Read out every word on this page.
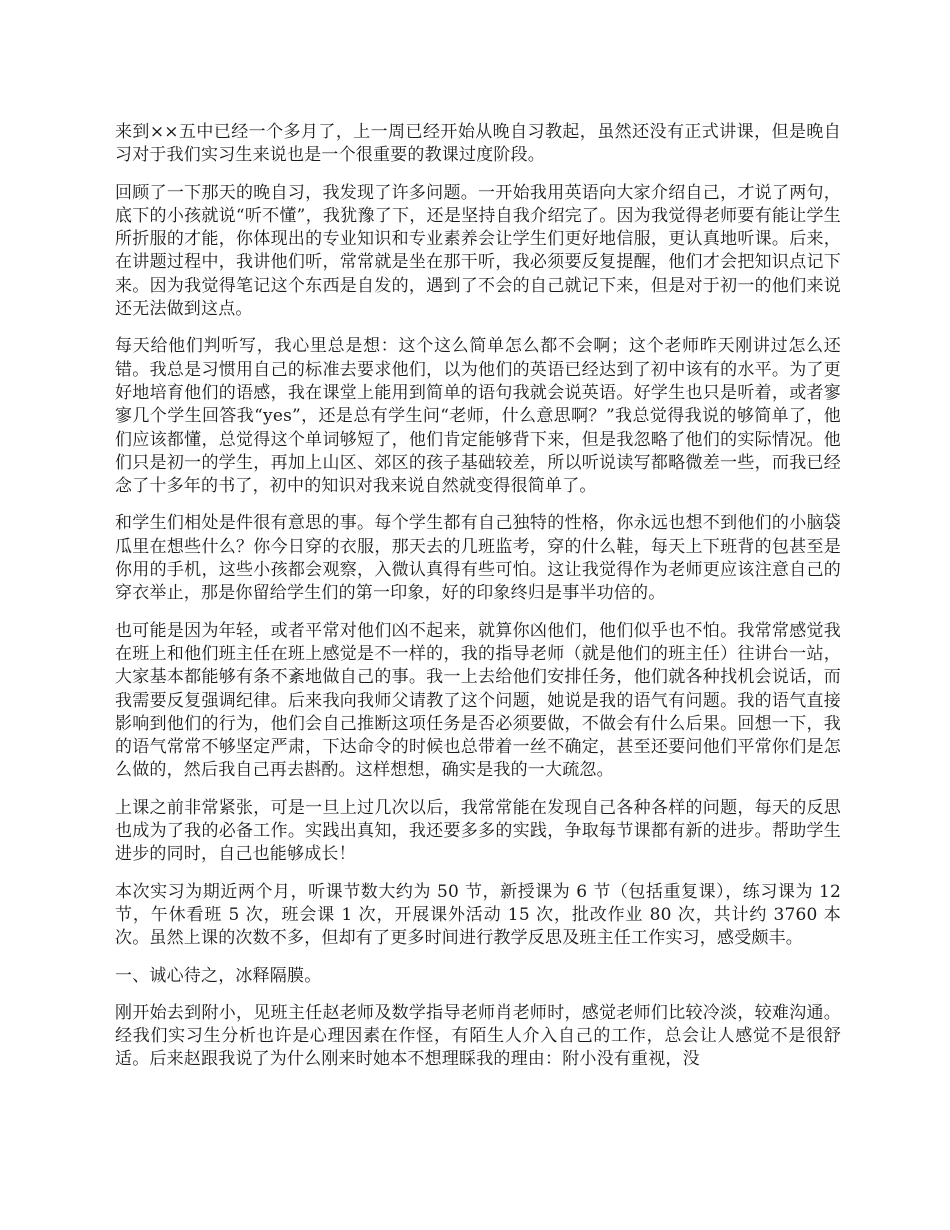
来到××五中已经一个多月了，上一周已经开始从晚自习教起，虽然还没有正式讲课，但是晚自习对于我们实习生来说也是一个很重要的教课过度阶段。

回顾了一下那天的晚自习，我发现了许多问题。一开始我用英语向大家介绍自己，才说了两句，底下的小孩就说“听不懂”，我犹豫了下，还是坚持自我介绍完了。因为我觉得老师要有能让学生所折服的才能，你体现出的专业知识和专业素养会让学生们更好地信服，更认真地听课。后来，在讲题过程中，我讲他们听，常常就是坐在那干听，我必须要反复提醒，他们才会把知识点记下来。因为我觉得笔记这个东西是自发的，遇到了不会的自己就记下来，但是对于初一的他们来说还无法做到这点。

每天给他们判听写，我心里总是想：这个这么简单怎么都不会啊；这个老师昨天刚讲过怎么还错。我总是习惯用自己的标准去要求他们，以为他们的英语已经达到了初中该有的水平。为了更好地培育他们的语感，我在课堂上能用到简单的语句我就会说英语。好学生也只是听着，或者寥寥几个学生回答我“yes”，还是总有学生问“老师，什么意思啊？”我总觉得我说的够简单了，他们应该都懂，总觉得这个单词够短了，他们肯定能够背下来，但是我忽略了他们的实际情况。他们只是初一的学生，再加上山区、郊区的孩子基础较差，所以听说读写都略微差一些，而我已经念了十多年的书了，初中的知识对我来说自然就变得很简单了。

和学生们相处是件很有意思的事。每个学生都有自己独特的性格，你永远也想不到他们的小脑袋瓜里在想些什么？你今日穿的衣服，那天去的几班监考，穿的什么鞋，每天上下班背的包甚至是你用的手机，这些小孩都会观察，入微认真得有些可怕。这让我觉得作为老师更应该注意自己的穿衣举止，那是你留给学生们的第一印象，好的印象终归是事半功倍的。

也可能是因为年轻，或者平常对他们凶不起来，就算你凶他们，他们似乎也不怕。我常常感觉我在班上和他们班主任在班上感觉是不一样的，我的指导老师（就是他们的班主任）往讲台一站，大家基本都能够有条不紊地做自己的事。我一上去给他们安排任务，他们就各种找机会说话，而我需要反复强调纪律。后来我向我师父请教了这个问题，她说是我的语气有问题。我的语气直接影响到他们的行为，他们会自己推断这项任务是否必须要做，不做会有什么后果。回想一下，我的语气常常不够坚定严肃，下达命令的时候也总带着一丝不确定，甚至还要问他们平常你们是怎么做的，然后我自己再去斟酌。这样想想，确实是我的一大疏忽。

上课之前非常紧张，可是一旦上过几次以后，我常常能在发现自己各种各样的问题，每天的反思也成为了我的必备工作。实践出真知，我还要多多的实践，争取每节课都有新的进步。帮助学生进步的同时，自己也能够成长！

本次实习为期近两个月，听课节数大约为 50 节，新授课为 6 节（包括重复课），练习课为 12 节，午休看班 5 次，班会课 1 次，开展课外活动 15 次，批改作业 80 次，共计约 3760 本次。虽然上课的次数不多，但却有了更多时间进行教学反思及班主任工作实习，感受颇丰。

一、诚心待之，冰释隔膜。

刚开始去到附小，见班主任赵老师及数学指导老师肖老师时，感觉老师们比较冷淡，较难沟通。经我们实习生分析也许是心理因素在作怪，有陌生人介入自己的工作，总会让人感觉不是很舒适。后来赵跟我说了为什么刚来时她本不想理睬我的理由：附小没有重视，没
